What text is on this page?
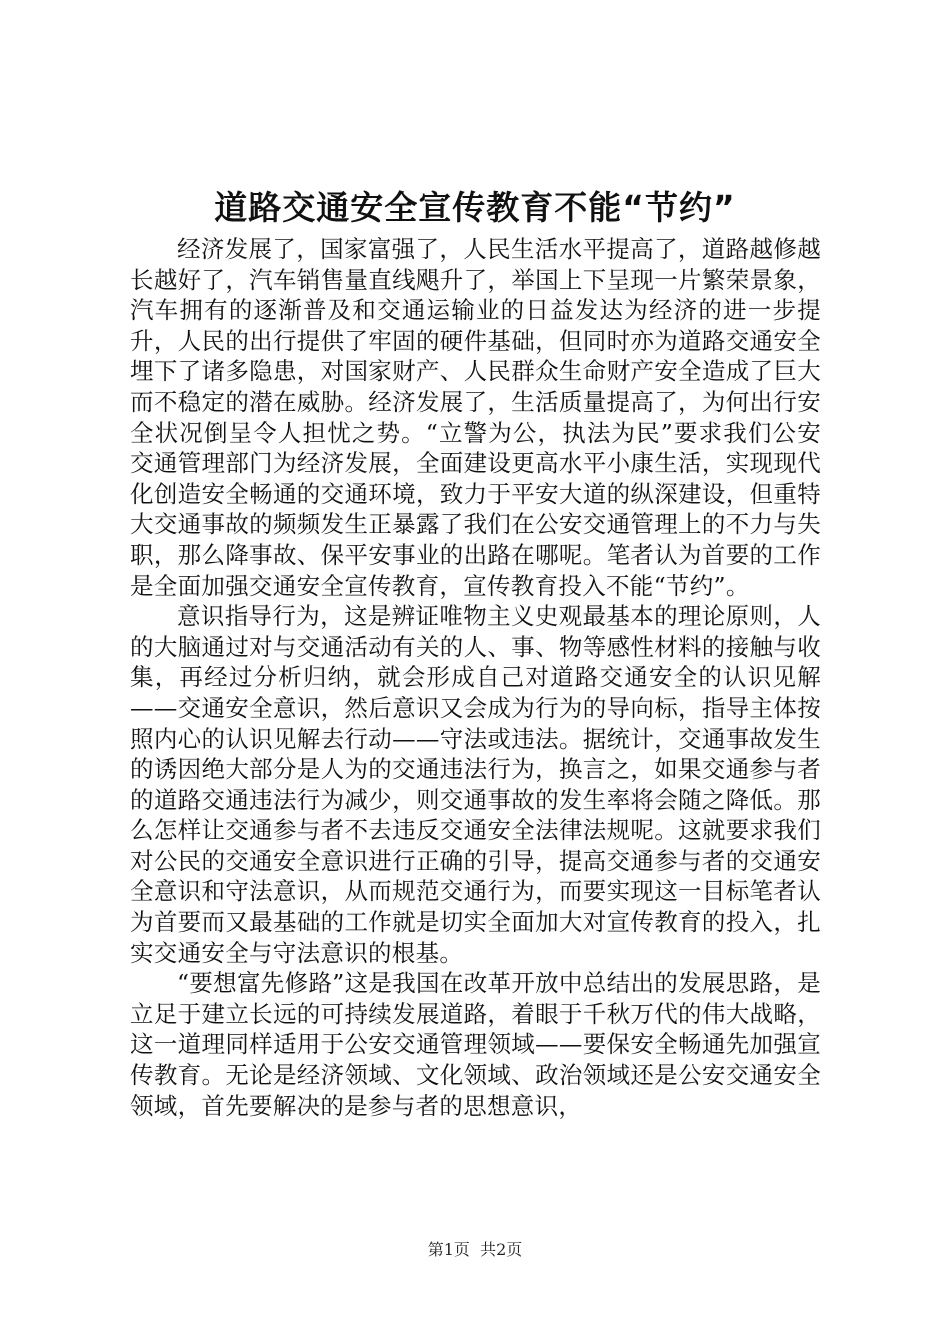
道路交通安全宣传教育不能“节约”

经济发展了，国家富强了，人民生活水平提高了，道路越修越长越好了，汽车销售量直线飓升了，举国上下呈现一片繁荣景象，汽车拥有的逐渐普及和交通运输业的日益发达为经济的进一步提升，人民的出行提供了牢固的硬件基础，但同时亦为道路交通安全埋下了诸多隐患，对国家财产、人民群众生命财产安全造成了巨大而不稳定的潜在威胁。经济发展了，生活质量提高了，为何出行安全状况倒呈令人担忧之势。“立警为公，执法为民”要求我们公安交通管理部门为经济发展，全面建设更高水平小康生活，实现现代化创造安全畅通的交通环境，致力于平安大道的纵深建设，但重特大交通事故的频频发生正暴露了我们在公安交通管理上的不力与失职，那么降事故、保平安事业的出路在哪呢。笔者认为首要的工作是全面加强交通安全宣传教育，宣传教育投入不能“节约”。

意识指导行为，这是辨证唯物主义史观最基本的理论原则，人的大脑通过对与交通活动有关的人、事、物等感性材料的接触与收集，再经过分析归纳，就会形成自己对道路交通安全的认识见解——交通安全意识，然后意识又会成为行为的导向标，指导主体按照内心的认识见解去行动——守法或违法。据统计，交通事故发生的诱因绝大部分是人为的交通违法行为，换言之，如果交通参与者的道路交通违法行为减少，则交通事故的发生率将会随之降低。那么怎样让交通参与者不去违反交通安全法律法规呢。这就要求我们对公民的交通安全意识进行正确的引导，提高交通参与者的交通安全意识和守法意识，从而规范交通行为，而要实现这一目标笔者认为首要而又最基础的工作就是切实全面加大对宣传教育的投入，扎实交通安全与守法意识的根基。

“要想富先修路”这是我国在改革开放中总结出的发展思路，是立足于建立长远的可持续发展道路，着眼于千秋万代的伟大战略，这一道理同样适用于公安交通管理领域——要保安全畅通先加强宣传教育。无论是经济领域、文化领域、政治领域还是公安交通安全领域，首先要解决的是参与者的思想意识，

第1页  共2页
